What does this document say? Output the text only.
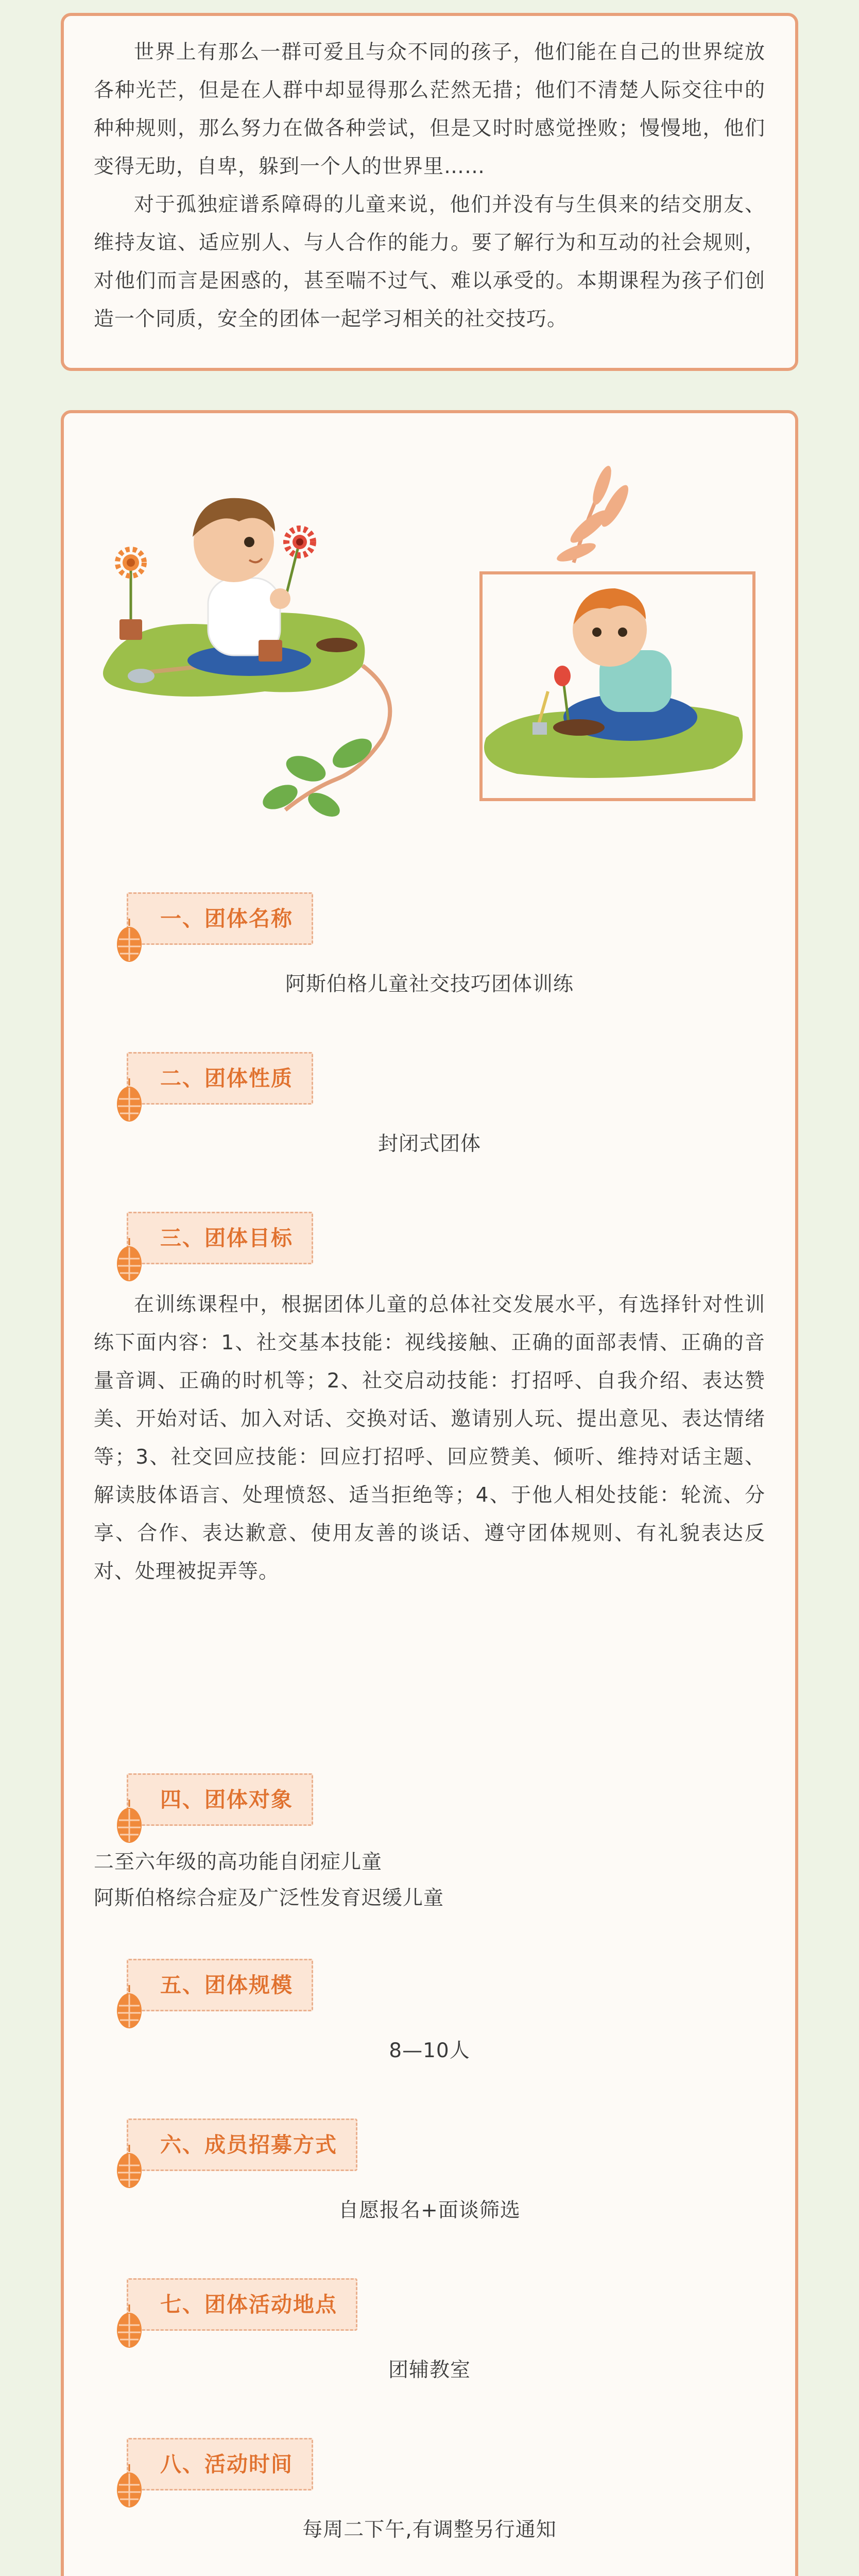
世界上有那么一群可爱且与众不同的孩子，他们能在自己的世界绽放各种光芒，但是在人群中却显得那么茫然无措；他们不清楚人际交往中的种种规则，那么努力在做各种尝试，但是又时时感觉挫败；慢慢地，他们变得无助，自卑，躲到一个人的世界里……

对于孤独症谱系障碍的儿童来说，他们并没有与生俱来的结交朋友、维持友谊、适应别人、与人合作的能力。要了解行为和互动的社会规则，对他们而言是困惑的，甚至喘不过气、难以承受的。本期课程为孩子们创造一个同质，安全的团体一起学习相关的社交技巧。

一、团体名称
阿斯伯格儿童社交技巧团体训练
二、团体性质
封闭式团体
三、团体目标
在训练课程中，根据团体儿童的总体社交发展水平，有选择针对性训练下面内容：1、社交基本技能：视线接触、正确的面部表情、正确的音量音调、正确的时机等；2、社交启动技能：打招呼、自我介绍、表达赞美、开始对话、加入对话、交换对话、邀请别人玩、提出意见、表达情绪等；3、社交回应技能：回应打招呼、回应赞美、倾听、维持对话主题、解读肢体语言、处理愤怒、适当拒绝等；4、于他人相处技能：轮流、分享、合作、表达歉意、使用友善的谈话、遵守团体规则、有礼貌表达反对、处理被捉弄等。
四、团体对象
二至六年级的高功能自闭症儿童
阿斯伯格综合症及广泛性发育迟缓儿童
五、团体规模
8—10人
六、成员招募方式
自愿报名+面谈筛选
七、团体活动地点
团辅教室
八、活动时间
每周二下午,有调整另行通知
